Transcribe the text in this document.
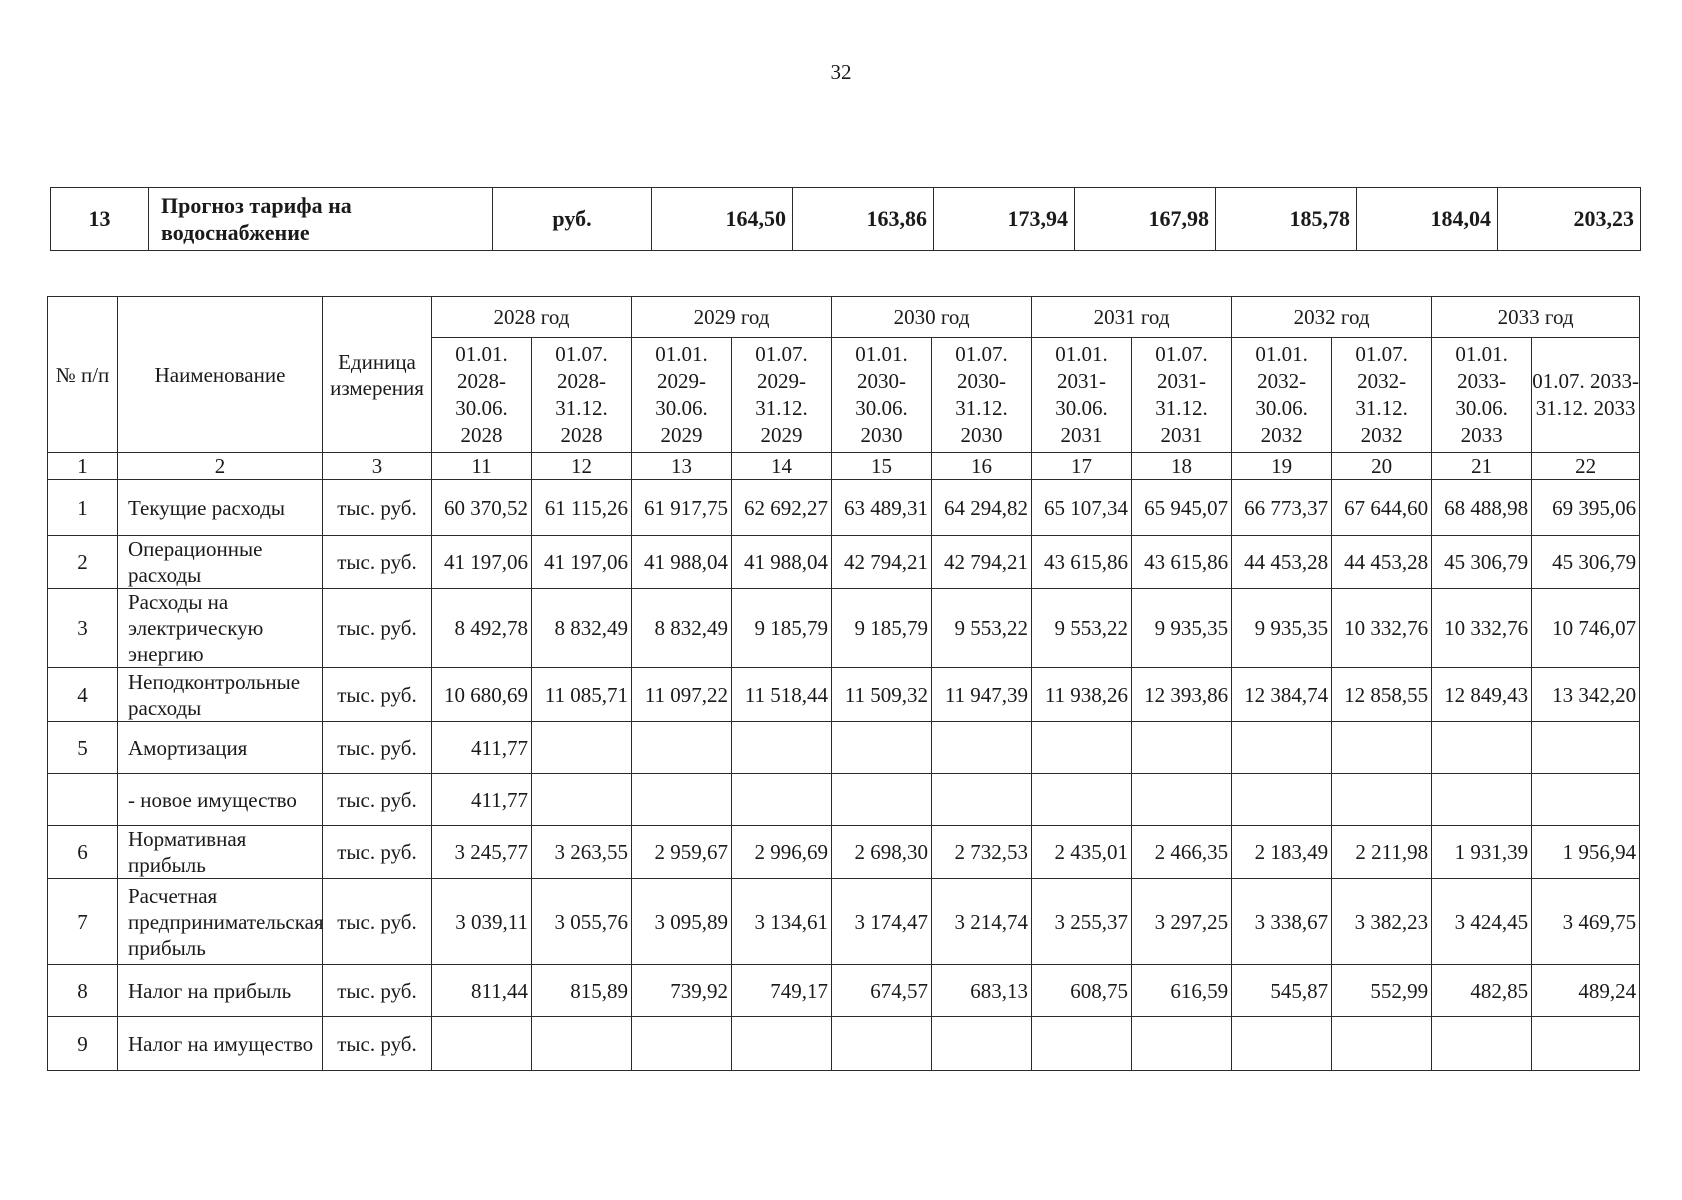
32
13	Прогноз тарифа на водоснабжение	руб.	164,50	163,86	173,94	167,98	185,78	184,04	203,23
№ п/п	Наименование	Единица измерения	2028 год		2029 год		2030 год		2031 год		2032 год		2033 год	
			01.01. 2028- 30.06. 2028	01.07. 2028- 31.12. 2028	01.01. 2029- 30.06. 2029	01.07. 2029- 31.12. 2029	01.01. 2030- 30.06. 2030	01.07. 2030- 31.12. 2030	01.01. 2031- 30.06. 2031	01.07. 2031- 31.12. 2031	01.01. 2032- 30.06. 2032	01.07. 2032- 31.12. 2032	01.01. 2033- 30.06. 2033	01.07. 2033- 31.12. 2033
1	2	3	11	12	13	14	15	16	17	18	19	20	21	22
1	Текущие расходы	тыс. руб.	60 370,52	61 115,26	61 917,75	62 692,27	63 489,31	64 294,82	65 107,34	65 945,07	66 773,37	67 644,60	68 488,98	69 395,06
2	Операционные расходы	тыс. руб.	41 197,06	41 197,06	41 988,04	41 988,04	42 794,21	42 794,21	43 615,86	43 615,86	44 453,28	44 453,28	45 306,79	45 306,79
3	Расходы на электрическую энергию	тыс. руб.	8 492,78	8 832,49	8 832,49	9 185,79	9 185,79	9 553,22	9 553,22	9 935,35	9 935,35	10 332,76	10 332,76	10 746,07
4	Неподконтрольные расходы	тыс. руб.	10 680,69	11 085,71	11 097,22	11 518,44	11 509,32	11 947,39	11 938,26	12 393,86	12 384,74	12 858,55	12 849,43	13 342,20
5	Амортизация	тыс. руб.	411,77											
	- новое имущество	тыс. руб.	411,77											
6	Нормативная прибыль	тыс. руб.	3 245,77	3 263,55	2 959,67	2 996,69	2 698,30	2 732,53	2 435,01	2 466,35	2 183,49	2 211,98	1 931,39	1 956,94
7	Расчетная предпринимательская прибыль	тыс. руб.	3 039,11	3 055,76	3 095,89	3 134,61	3 174,47	3 214,74	3 255,37	3 297,25	3 338,67	3 382,23	3 424,45	3 469,75
8	Налог на прибыль	тыс. руб.	811,44	815,89	739,92	749,17	674,57	683,13	608,75	616,59	545,87	552,99	482,85	489,24
9	Налог на имущество	тыс. руб.												
